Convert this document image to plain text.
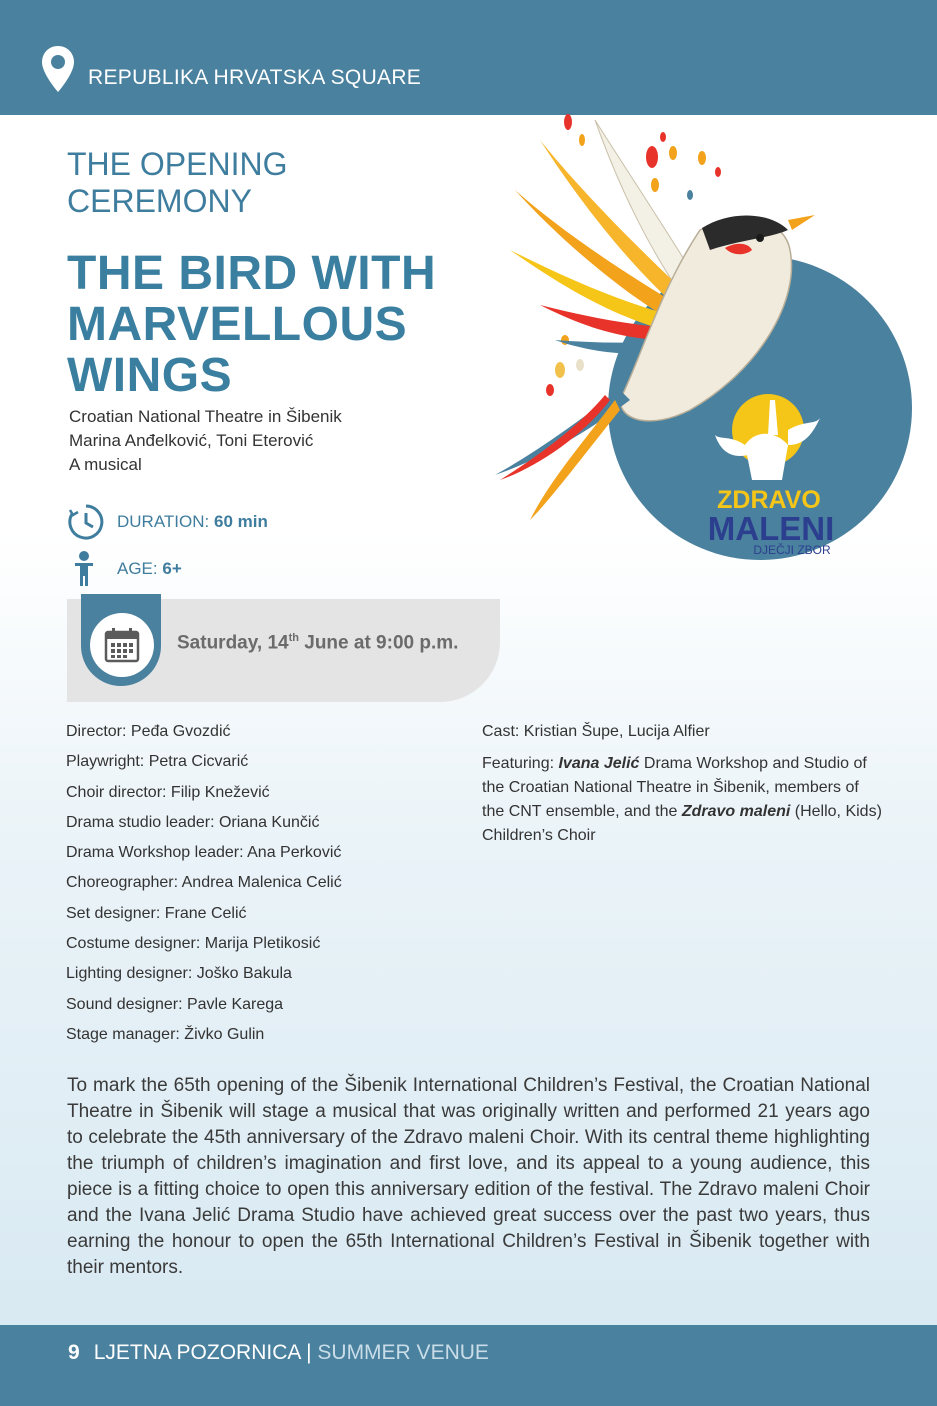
REPUBLIKA HRVATSKA SQUARE
THE OPENING
CEREMONY
THE BIRD WITH
MARVELLOUS
WINGS
Croatian National Theatre in Šibenik
Marina Anđelković, Toni Eterović
A musical
DURATION:
60 min
AGE:
6+
Saturday, 14th June at 9:00 p.m.
Director: Peđa Gvozdić
Playwright: Petra Cicvarić
Choir director: Filip Knežević
Drama studio leader: Oriana Kunčić
Drama Workshop leader: Ana Perković
Choreographer: Andrea Malenica Celić
Set designer: Frane Celić
Costume designer: Marija Pletikosić
Lighting designer: Joško Bakula
Sound designer: Pavle Karega
Stage manager: Živko Gulin
Cast: Kristian Šupe, Lucija Alfier
Featuring: Ivana Jelić Drama Workshop and Studio of the Croatian National Theatre in Šibenik, members of the CNT ensemble, and the Zdravo maleni (Hello, Kids) Children’s Choir
To mark the 65th opening of the Šibenik International Children’s Festival, the Croatian National Theatre in Šibenik will stage a musical that was originally written and performed 21 years ago to celebrate the 45th anniversary of the Zdravo maleni Choir. With its central theme highlighting the triumph of children’s imagination and first love, and its appeal to a young audience, this piece is a fitting choice to open this anniversary edition of the festival. The Zdravo maleni Choir and the Ivana Jelić Drama Studio have achieved great success over the past two years, thus earning the honour to open the 65th International Children’s Festival in Šibenik together with their mentors.
ZDRAVO
MALENI
DJEČJI ZBOR
9 LJETNA POZORNICA | SUMMER VENUE
